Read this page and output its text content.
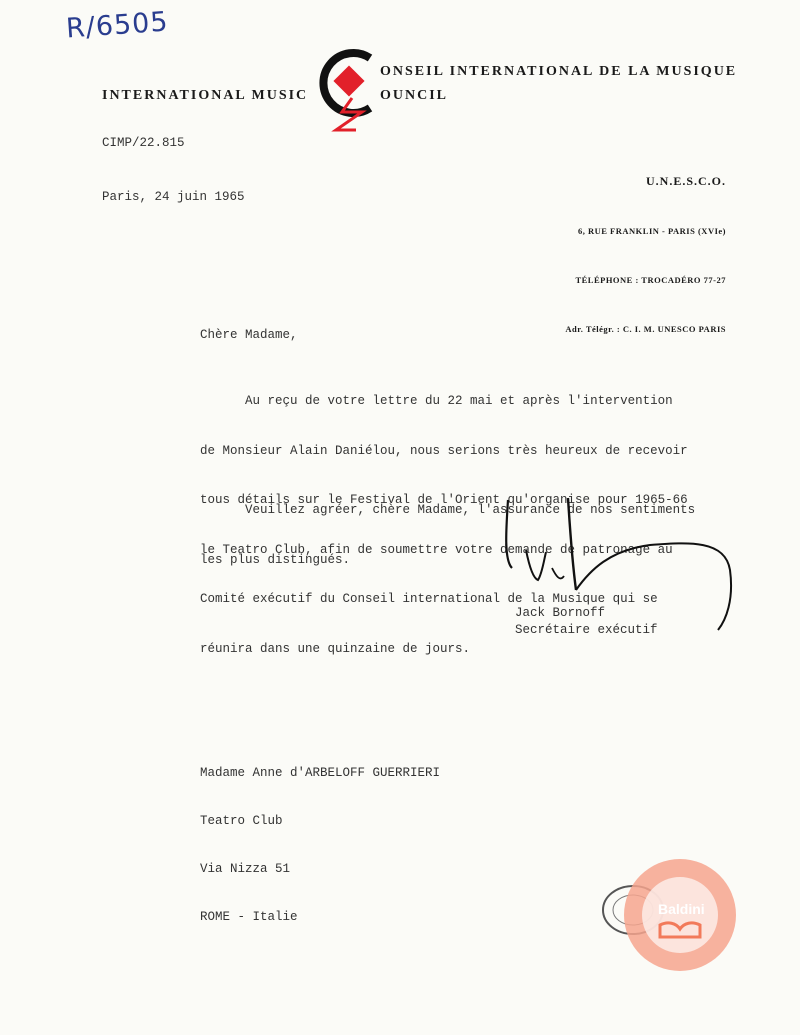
R/6505
INTERNATIONAL MUSIC	OUNCIL
ONSEIL INTERNATIONAL DE LA MUSIQUE
CIMP/22.815

U.N.E.S.C.O.

6, RUE FRANKLIN - PARIS (XVIe)

TÉLÉPHONE : TROCADÉRO 77-27

Adr. Télégr. : C. I. M. UNESCO PARIS

Paris, 24 juin 1965
Chère Madame,

Au reçu de votre lettre du 22 mai et après l'intervention

de Monsieur Alain Daniélou, nous serions très heureux de recevoir

tous détails sur le Festival de l'Orient qu'organise pour 1965-66

le Teatro Club, afin de soumettre votre demande de patronage au

Comité exécutif du Conseil international de la Musique qui se

réunira dans une quinzaine de jours.

Veuillez agréer, chère Madame, l'assurance de nos sentiments

les plus distingués.

Jack Bornoff
Secrétaire exécutif

Madame Anne d'ARBELOFF GUERRIERI

Teatro Club

Via Nizza 51

ROME - Italie

	Baldini
